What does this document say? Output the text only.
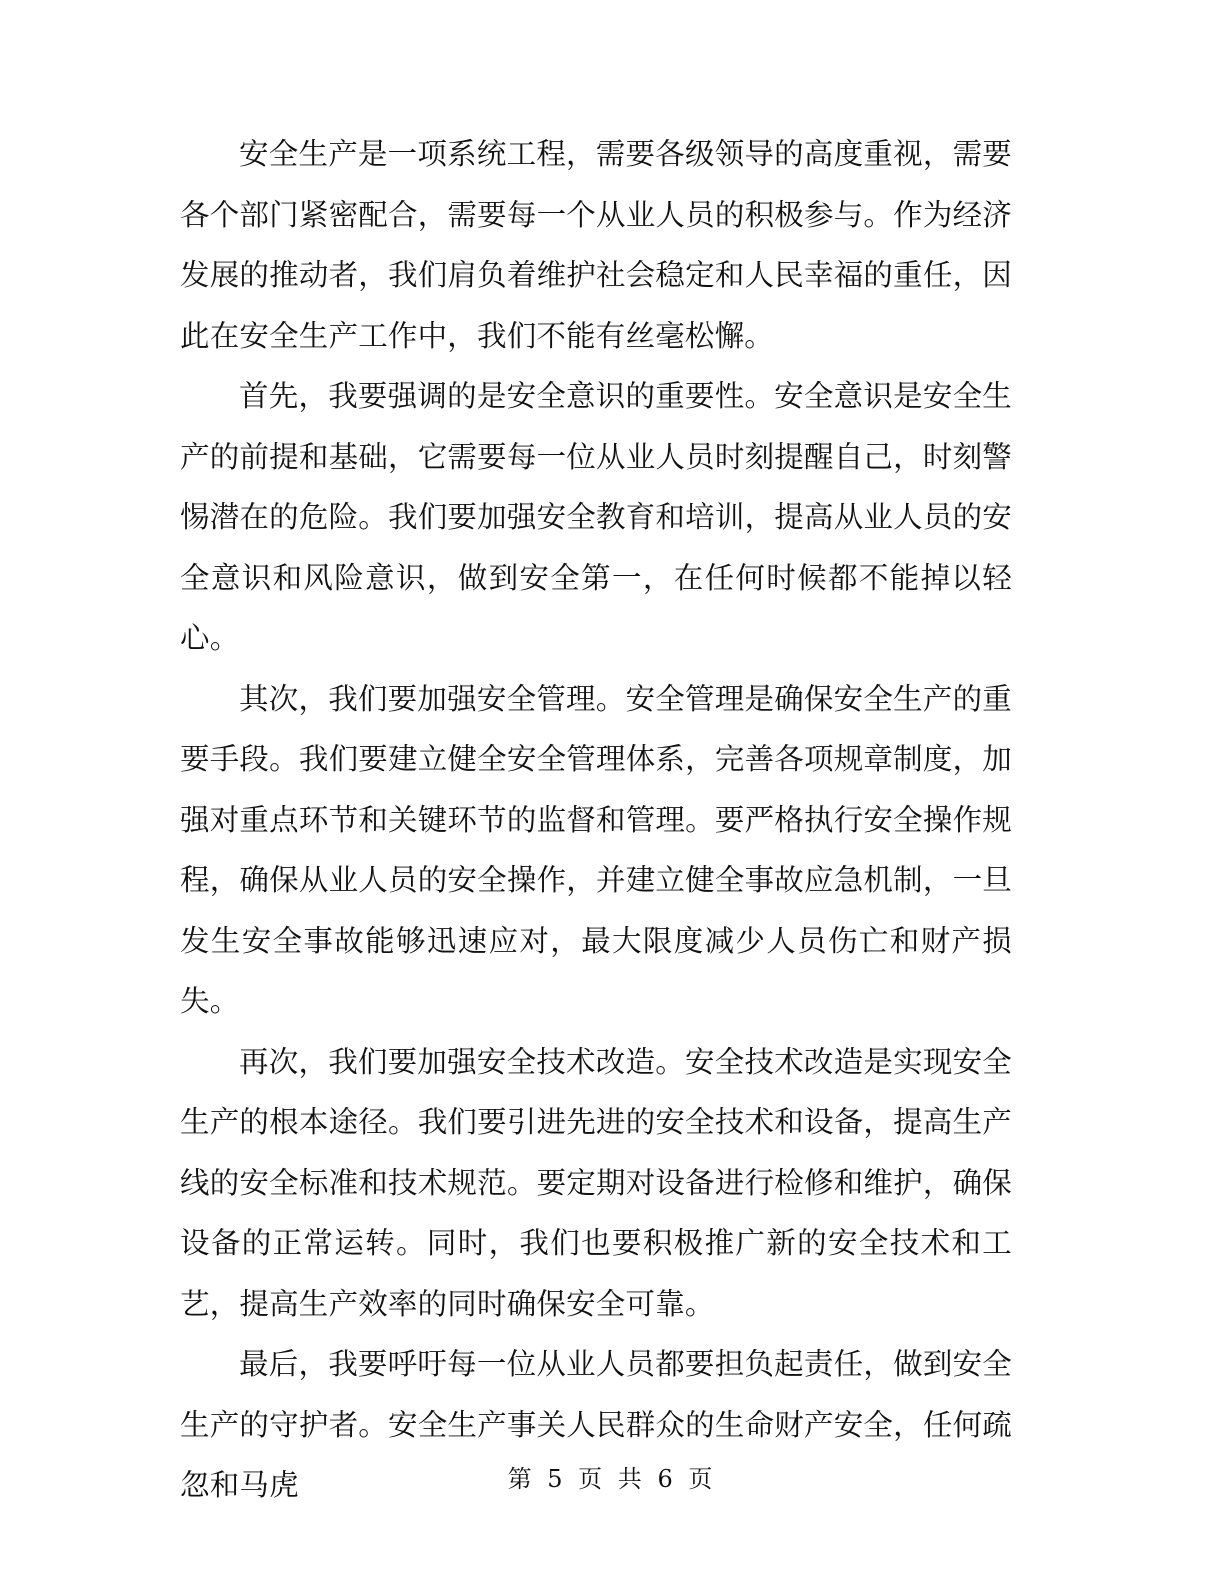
安全生产是一项系统工程，需要各级领导的高度重视，需要各个部门紧密配合，需要每一个从业人员的积极参与。作为经济发展的推动者，我们肩负着维护社会稳定和人民幸福的重任，因此在安全生产工作中，我们不能有丝毫松懈。

首先，我要强调的是安全意识的重要性。安全意识是安全生产的前提和基础，它需要每一位从业人员时刻提醒自己，时刻警惕潜在的危险。我们要加强安全教育和培训，提高从业人员的安全意识和风险意识，做到安全第一，在任何时候都不能掉以轻心。

其次，我们要加强安全管理。安全管理是确保安全生产的重要手段。我们要建立健全安全管理体系，完善各项规章制度，加强对重点环节和关键环节的监督和管理。要严格执行安全操作规程，确保从业人员的安全操作，并建立健全事故应急机制，一旦发生安全事故能够迅速应对，最大限度减少人员伤亡和财产损失。

再次，我们要加强安全技术改造。安全技术改造是实现安全生产的根本途径。我们要引进先进的安全技术和设备，提高生产线的安全标准和技术规范。要定期对设备进行检修和维护，确保设备的正常运转。同时，我们也要积极推广新的安全技术和工艺，提高生产效率的同时确保安全可靠。

最后，我要呼吁每一位从业人员都要担负起责任，做到安全生产的守护者。安全生产事关人民群众的生命财产安全，任何疏忽和马虎	第 5 页 共 6 页
